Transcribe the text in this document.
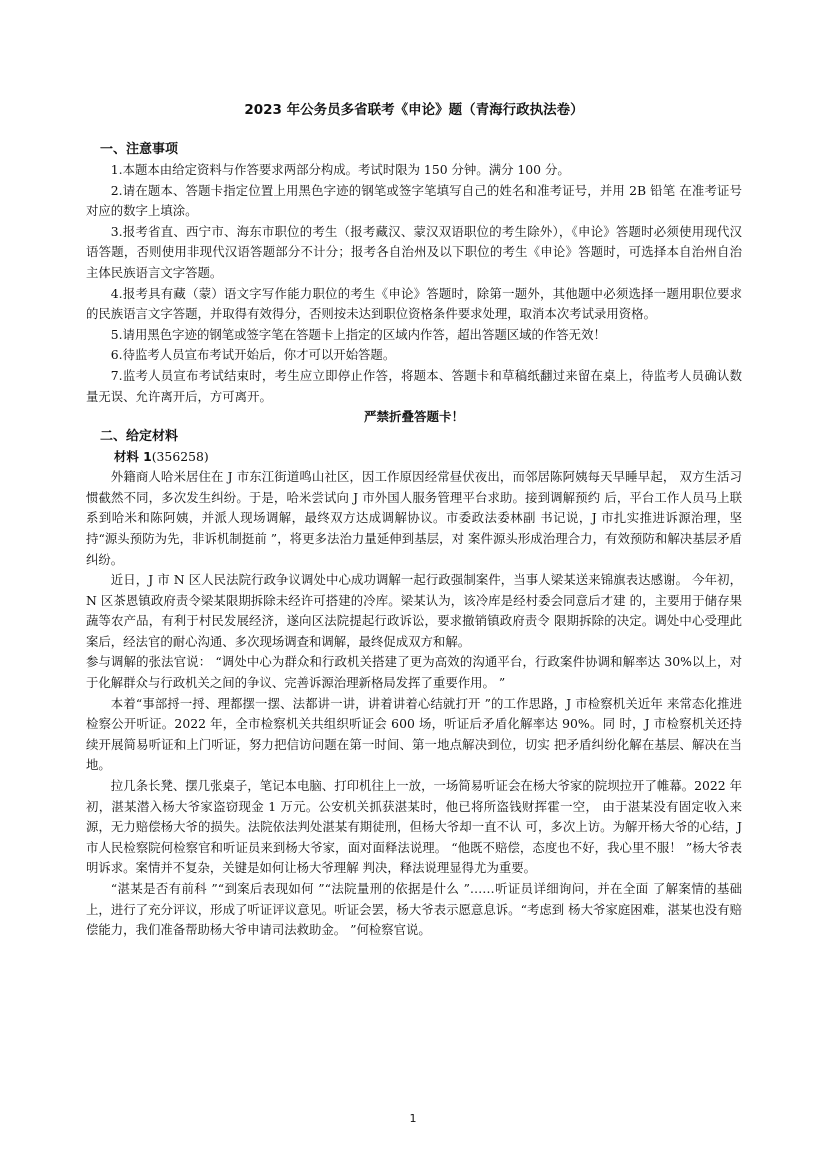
2023 年公务员多省联考《申论》题（青海行政执法卷）
一、注意事项

1.本题本由给定资料与作答要求两部分构成。考试时限为 150 分钟。满分 100 分。

2.请在题本、答题卡指定位置上用黑色字迹的钢笔或签字笔填写自己的姓名和准考证号，并用 2B 铅笔 在准考证号对应的数字上填涂。

3.报考省直、西宁市、海东市职位的考生（报考藏汉、蒙汉双语职位的考生除外），《申论》答题时必须使用现代汉语答题，否则使用非现代汉语答题部分不计分；报考各自治州及以下职位的考生《申论》答题时，可选择本自治州自治主体民族语言文字答题。

4.报考具有藏（蒙）语文字写作能力职位的考生《申论》答题时，除第一题外，其他题中必须选择一题用职位要求的民族语言文字答题，并取得有效得分，否则按未达到职位资格条件要求处理，取消本次考试录用资格。

5.请用黑色字迹的钢笔或签字笔在答题卡上指定的区域内作答，超出答题区域的作答无效！

6.待监考人员宣布考试开始后，你才可以开始答题。

7.监考人员宣布考试结束时，考生应立即停止作答，将题本、答题卡和草稿纸翻过来留在桌上，待监考人员确认数量无误、允许离开后，方可离开。

严禁折叠答题卡！

二、给定材料
材料 1(356258)

外籍商人哈米居住在 J 市东江街道鸣山社区，因工作原因经常昼伏夜出，而邻居陈阿姨每天早睡早起， 双方生活习惯截然不同，多次发生纠纷。于是，哈米尝试向 J 市外国人服务管理平台求助。接到调解预约 后，平台工作人员马上联系到哈米和陈阿姨，并派人现场调解，最终双方达成调解协议。市委政法委林副 书记说，J 市扎实推进诉源治理，坚持“源头预防为先，非诉机制挺前 ”，将更多法治力量延伸到基层，对 案件源头形成治理合力，有效预防和解决基层矛盾纠纷。

近日，J 市 N 区人民法院行政争议调处中心成功调解一起行政强制案件，当事人梁某送来锦旗表达感谢。 今年初，N 区茶恩镇政府责令梁某限期拆除未经许可搭建的冷库。梁某认为，该冷库是经村委会同意后才建 的，主要用于储存果蔬等农产品，有利于村民发展经济，遂向区法院提起行政诉讼，要求撤销镇政府责令 限期拆除的决定。调处中心受理此案后，经法官的耐心沟通、多次现场调查和调解，最终促成双方和解。

参与调解的张法官说： “调处中心为群众和行政机关搭建了更为高效的沟通平台，行政案件协调和解率达 30%以上，对于化解群众与行政机关之间的争议、完善诉源治理新格局发挥了重要作用。 ”

本着“事部捋一捋、理都摆一摆、法都讲一讲，讲着讲着心结就打开 ”的工作思路，J 市检察机关近年 来常态化推进检察公开听证。2022 年，全市检察机关共组织听证会 600 场，听证后矛盾化解率达 90%。同 时，J 市检察机关还持续开展简易听证和上门听证，努力把信访问题在第一时间、第一地点解决到位，切实 把矛盾纠纷化解在基层、解决在当地。

拉几条长凳、摆几张桌子，笔记本电脑、打印机往上一放，一场简易听证会在杨大爷家的院坝拉开了帷幕。2022 年初，湛某潜入杨大爷家盗窃现金 1 万元。公安机关抓获湛某时，他已将所盗钱财挥霍一空， 由于湛某没有固定收入来源，无力赔偿杨大爷的损失。法院依法判处湛某有期徒刑，但杨大爷却一直不认 可，多次上访。为解开杨大爷的心结，J 市人民检察院何检察官和听证员来到杨大爷家，面对面释法说理。 “他既不赔偿，态度也不好，我心里不服！ ”杨大爷表明诉求。案情并不复杂，关键是如何让杨大爷理解 判决，释法说理显得尤为重要。

“湛某是否有前科 ”“到案后表现如何 ”“法院量刑的依据是什么 ”……听证员详细询问，并在全面 了解案情的基础上，进行了充分评议，形成了听证评议意见。听证会罢，杨大爷表示愿意息诉。“考虑到 杨大爷家庭困难，湛某也没有赔偿能力，我们准备帮助杨大爷申请司法救助金。 ”何检察官说。

1
